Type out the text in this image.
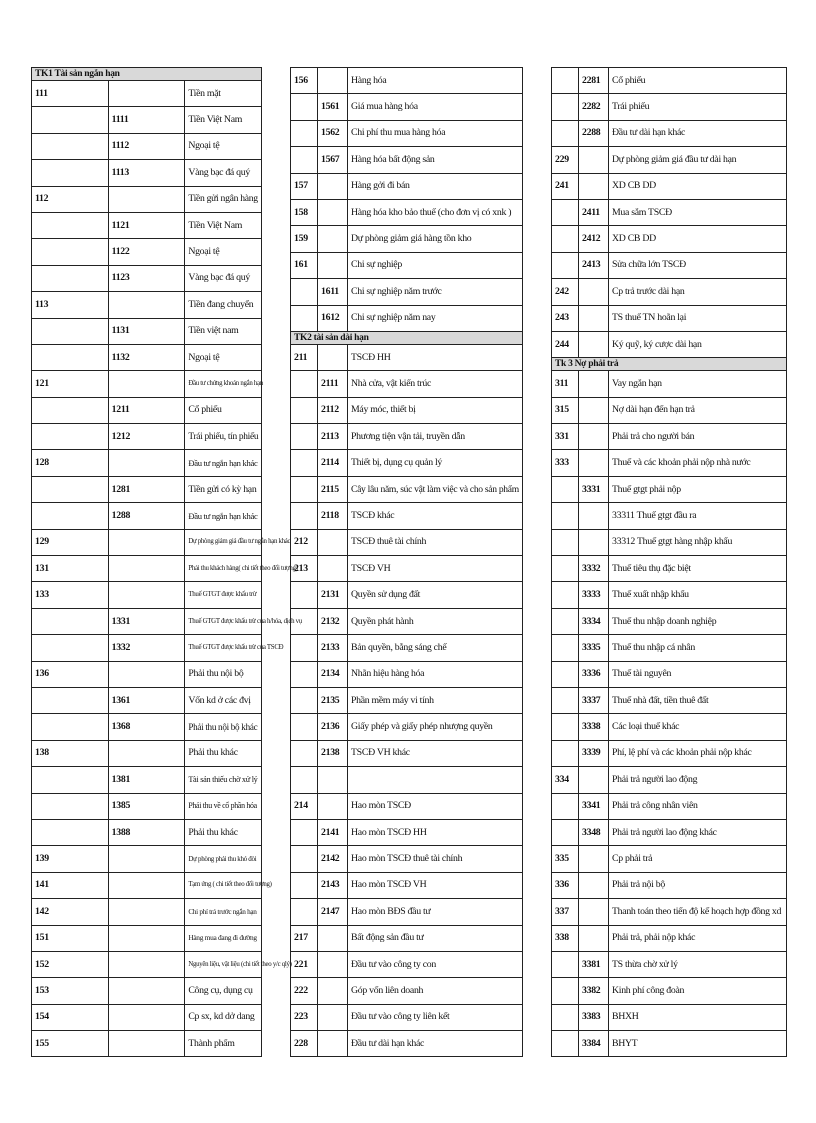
TK1 Tài sản ngắn hạn		
111		Tiền mặt
	1111	Tiền Việt Nam
	1112	Ngoại tệ
	1113	Vàng bạc đá quý
112		Tiền gửi ngân hàng
	1121	Tiền Việt Nam
	1122	Ngoại tệ
	1123	Vàng bạc đá quý
113		Tiền đang chuyển
	1131	Tiền việt nam
	1132	Ngoại tệ
121		Đầu tư chứng khoán ngắn hạn
	1211	Cổ phiếu
	1212	Trái phiếu, tín phiếu
128		Đầu tư ngắn hạn khác
	1281	Tiền gửi có kỳ hạn
	1288	Đầu tư ngắn hạn khác
129		Dự phòng giảm giá đầu tư ngắn hạn khác
131		Phải thu khách hàng( chi tiết theo đối tượng)
133		Thuế GTGT được khấu trừ
	1331	Thuế GTGT được khấu trừ của h/hóa, dịch vụ
	1332	Thuế GTGT được khấu trừ của TSCĐ
136		Phải thu nội bộ
	1361	Vốn kd ở các đvị
	1368	Phải thu nội bộ khác
138		Phải thu khác
	1381	Tài sản thiếu chờ xử lý
	1385	Phải thu về cổ phần hóa
	1388	Phải thu khác
139		Dự phòng phải thu khó đòi
141		Tạm ứng ( chi tiết theo đối tượng)
142		Chi phí trả trước ngắn hạn
151		Hàng mua đang đi đường
152		Nguyên liệu, vật liệu (chi tiết theo y/c qlý)
153		Công cụ, dụng cụ
154		Cp sx, kd dở dang
155		Thành phẩm
156		Hàng hóa
	1561	Giá mua hàng hóa
	1562	Chi phí thu mua hàng hóa
	1567	Hàng hóa bất động sản
157		Hàng gởi đi bán
158		Hàng hóa kho bảo thuế (cho đơn vị có xnk )
159		Dự phòng giảm giá hàng tồn kho
161		Chi sự nghiệp
	1611	Chi sự nghiệp năm trước
	1612	Chi sự nghiệp năm nay
TK2 tài sản dài hạn		
211		TSCĐ HH
	2111	Nhà cửa, vật kiến trúc
	2112	Máy móc, thiết bị
	2113	Phương tiện vận tải, truyền dẫn
	2114	Thiết bị, dụng cụ quản lý
	2115	Cây lâu năm, súc vật làm việc và cho sản phẩm
	2118	TSCĐ khác
212		TSCĐ thuê tài chính
213		TSCĐ VH
	2131	Quyền sử dụng đất
	2132	Quyền phát hành
	2133	Bản quyền, bằng sáng chế
	2134	Nhãn hiệu hàng hóa
	2135	Phần mềm máy vi tính
	2136	Giấy phép và giấy phép nhượng quyền
	2138	TSCĐ VH khác

214		Hao mòn TSCĐ
	2141	Hao mòn TSCĐ HH
	2142	Hao mòn TSCĐ thuê tài chính
	2143	Hao mòn TSCĐ VH
	2147	Hao mòn BĐS đầu tư
217		Bất động sản đầu tư
221		Đầu tư vào công ty con
222		Góp vốn liên doanh
223		Đầu tư vào công ty liên kết
228		Đầu tư dài hạn khác
	2281	Cổ phiếu
	2282	Trái phiếu
	2288	Đầu tư dài hạn khác
229		Dự phòng giảm giá đầu tư dài hạn
241		XD CB DD
	2411	Mua sắm TSCĐ
	2412	XD CB DD
	2413	Sửa chữa lớn TSCĐ
242		Cp trả trước dài hạn
243		TS thuế TN hoãn lại
244		Ký quỹ, ký cược dài hạn
Tk 3 Nợ phải trả		
311		Vay ngắn hạn
315		Nợ dài hạn đến hạn trả
331		Phải trả cho người bán
333		Thuế và các khoản phải nộp nhà nước
	3331	Thuế gtgt phải nộp
		33311 Thuế gtgt đầu ra
		33312 Thuế gtgt hàng nhập khẩu
	3332	Thuế tiêu thụ đặc biệt
	3333	Thuế xuất nhập khẩu
	3334	Thuế thu nhập doanh nghiệp
	3335	Thuế thu nhập cá nhân
	3336	Thuế tài nguyên
	3337	Thuế nhà đất, tiền thuê đất
	3338	Các loại thuế khác
	3339	Phí, lệ phí và các khoản phải nộp khác
334		Phải trả người lao động
	3341	Phải trả công nhân viên
	3348	Phải trả người lao động khác
335		Cp phải trả
336		Phải trả nội bộ
337		Thanh toán theo tiến độ kế hoạch hợp đồng xd
338		Phải trả, phải nộp khác
	3381	TS thừa chờ xử lý
	3382	Kinh phí công đoàn
	3383	BHXH
	3384	BHYT
